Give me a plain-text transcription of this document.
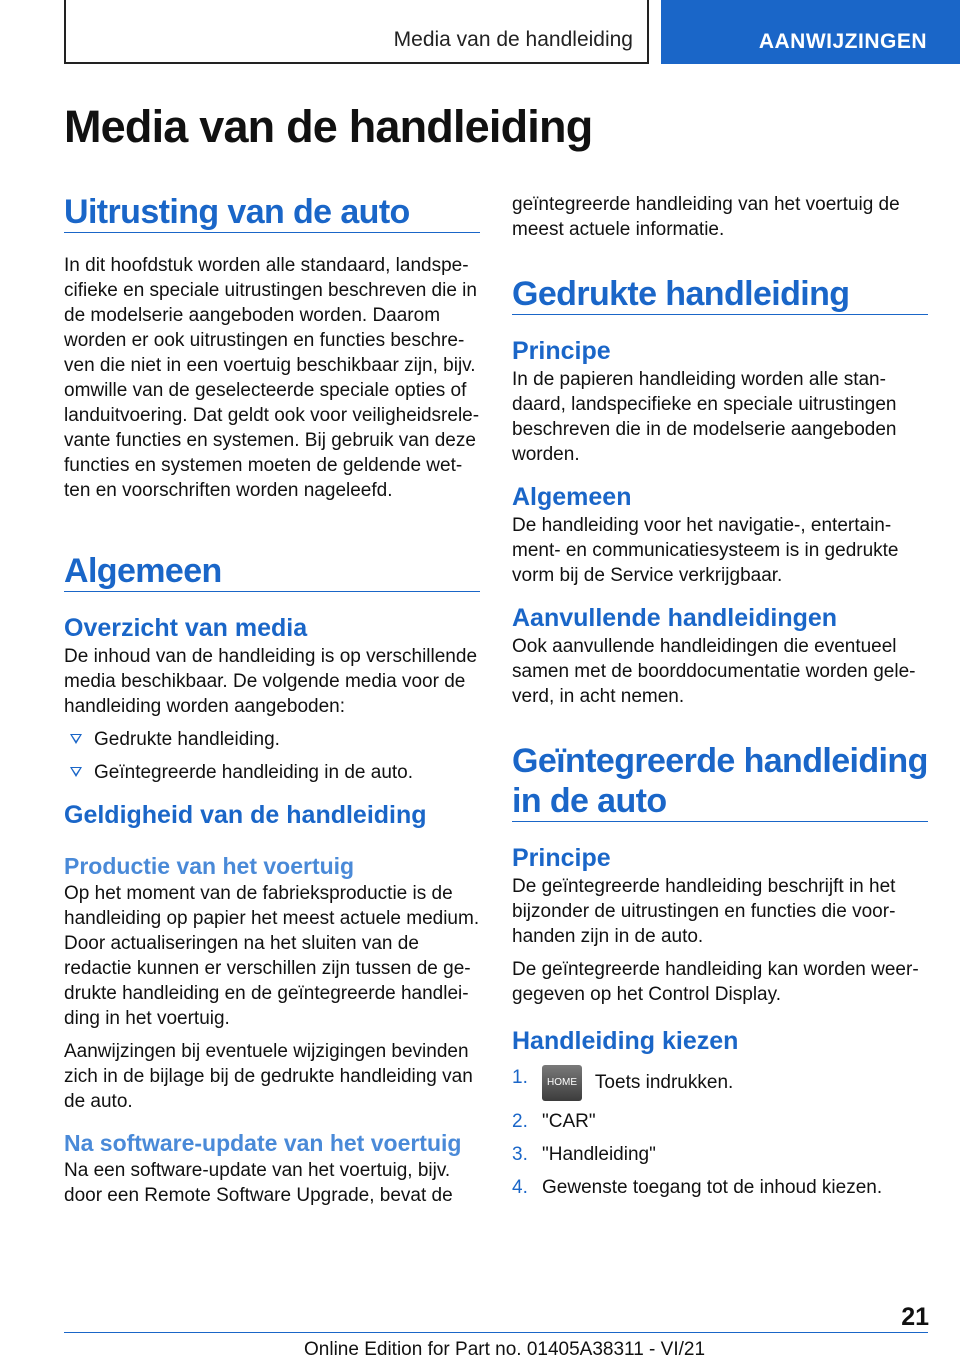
Media van de handleiding	AANWIJZINGEN
Media van de handleiding
Uitrusting van de auto

In dit hoofdstuk worden alle standaard, landspecifieke en speciale uitrustingen beschreven die in de modelserie aangeboden worden. Daarom worden er ook uitrustingen en functies beschreven die niet in een voertuig beschikbaar zijn, bijv. omwille van de geselecteerde speciale opties of landuitvoering. Dat geldt ook voor veiligheidsrelevante functies en systemen. Bij gebruik van deze functies en systemen moeten de geldende wetten en voorschriften worden nageleefd.

Algemeen
Overzicht van media

De inhoud van de handleiding is op verschillende media beschikbaar. De volgende media voor de handleiding worden aangeboden:

Gedrukte handleiding.
Geïntegreerde handleiding in de auto.
Geldigheid van de handleiding
Productie van het voertuig

Op het moment van de fabrieksproductie is de handleiding op papier het meest actuele medium. Door actualiseringen na het sluiten van de redactie kunnen er verschillen zijn tussen de gedrukte handleiding en de geïntegreerde handleiding in het voertuig.

Aanwijzingen bij eventuele wijzigingen bevinden zich in de bijlage bij de gedrukte handleiding van de auto.

Na software-update van het voertuig

Na een software-update van het voertuig, bijv. door een Remote Software Upgrade, bevat de

geïntegreerde handleiding van het voertuig de meest actuele informatie.

Gedrukte handleiding
Principe

In de papieren handleiding worden alle standaard, landspecifieke en speciale uitrustingen beschreven die in de modelserie aangeboden worden.

Algemeen

De handleiding voor het navigatie-, entertainment- en communicatiesysteem is in gedrukte vorm bij de Service verkrijgbaar.

Aanvullende handleidingen

Ook aanvullende handleidingen die eventueel samen met de boorddocumentatie worden geleverd, in acht nemen.

Geïntegreerde handleiding in de auto
Principe

De geïntegreerde handleiding beschrijft in het bijzonder de uitrustingen en functies die voorhanden zijn in de auto.

De geïntegreerde handleiding kan worden weergegeven op het Control Display.

Handleiding kiezen
1. HOME Toets indrukken.
2. "CAR"
3. "Handleiding"
4. Gewenste toegang tot de inhoud kiezen.
21
Online Edition for Part no. 01405A38311 - VI/21
